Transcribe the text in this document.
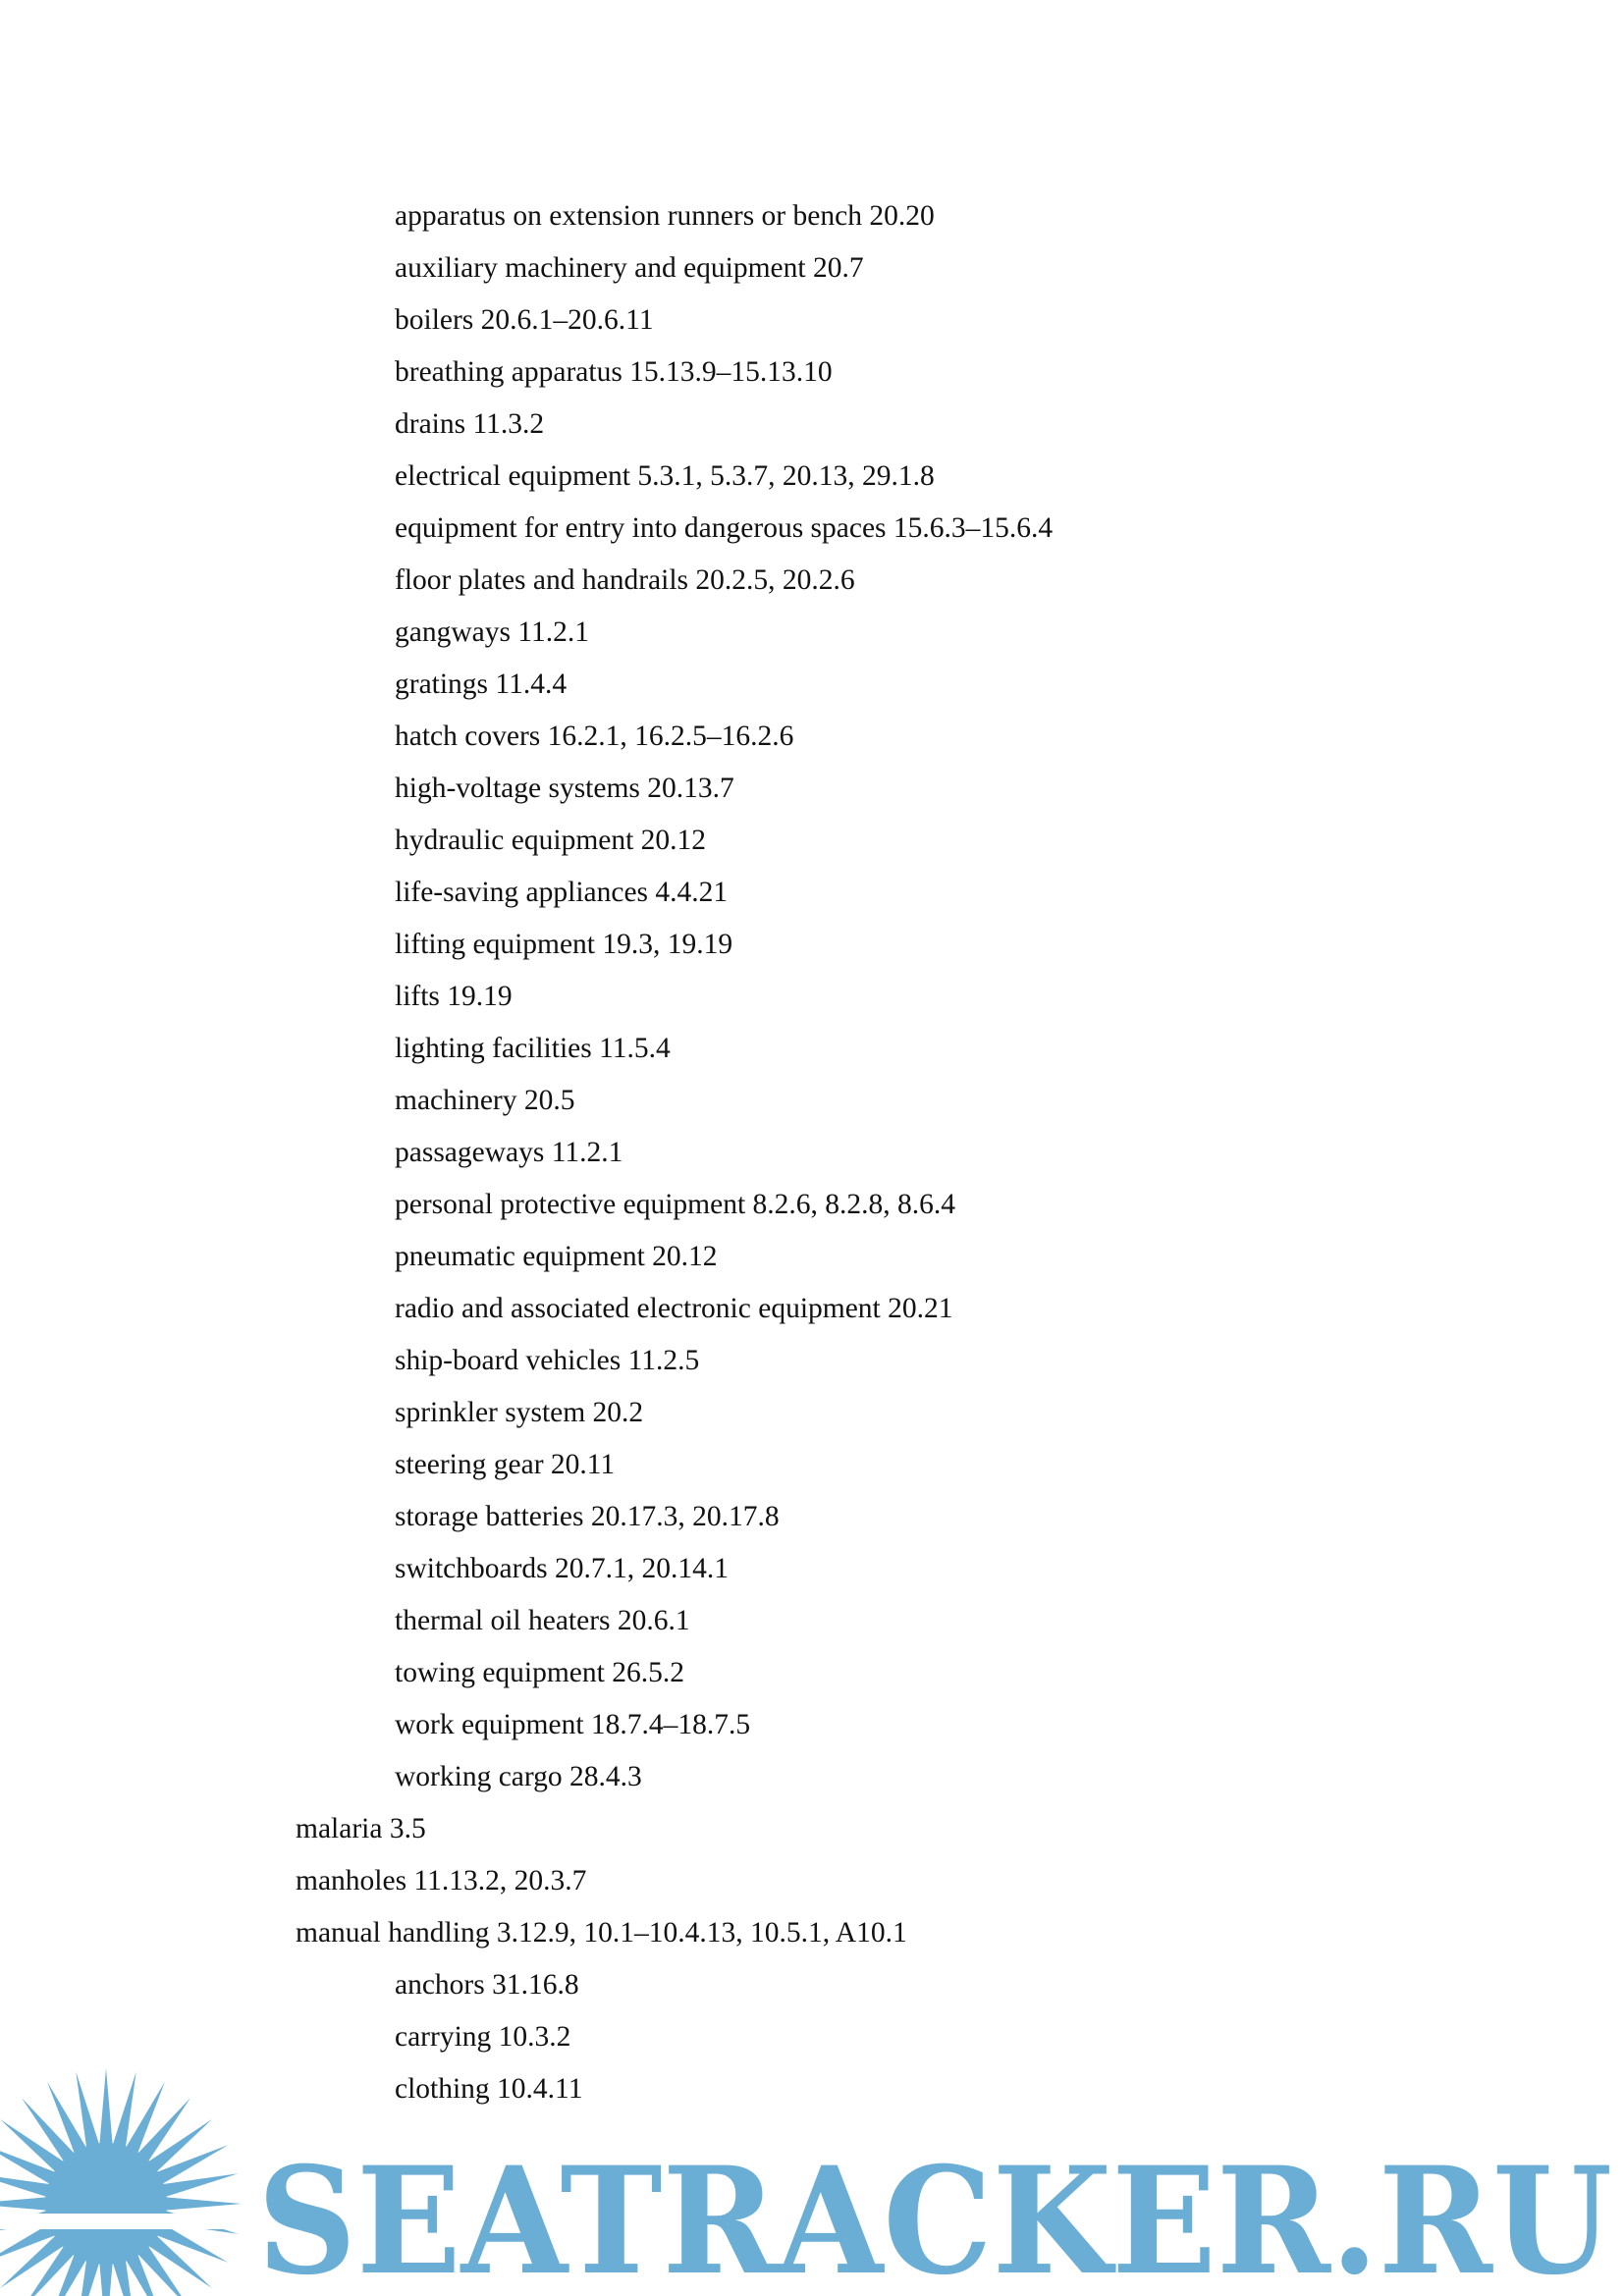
apparatus on extension runners or bench 20.20
auxiliary machinery and equipment 20.7
boilers 20.6.1–20.6.11
breathing apparatus 15.13.9–15.13.10
drains 11.3.2
electrical equipment 5.3.1, 5.3.7, 20.13, 29.1.8
equipment for entry into dangerous spaces 15.6.3–15.6.4
floor plates and handrails 20.2.5, 20.2.6
gangways 11.2.1
gratings 11.4.4
hatch covers 16.2.1, 16.2.5–16.2.6
high-voltage systems 20.13.7
hydraulic equipment 20.12
life-saving appliances 4.4.21
lifting equipment 19.3, 19.19
lifts 19.19
lighting facilities 11.5.4
machinery 20.5
passageways 11.2.1
personal protective equipment 8.2.6, 8.2.8, 8.6.4
pneumatic equipment 20.12
radio and associated electronic equipment 20.21
ship-board vehicles 11.2.5
sprinkler system 20.2
steering gear 20.11
storage batteries 20.17.3, 20.17.8
switchboards 20.7.1, 20.14.1
thermal oil heaters 20.6.1
towing equipment 26.5.2
work equipment 18.7.4–18.7.5
working cargo 28.4.3
malaria 3.5
manholes 11.13.2, 20.3.7
manual handling 3.12.9, 10.1–10.4.13, 10.5.1, A10.1
anchors 31.16.8
carrying 10.3.2
clothing 10.4.11
SEATRACKER.RU
